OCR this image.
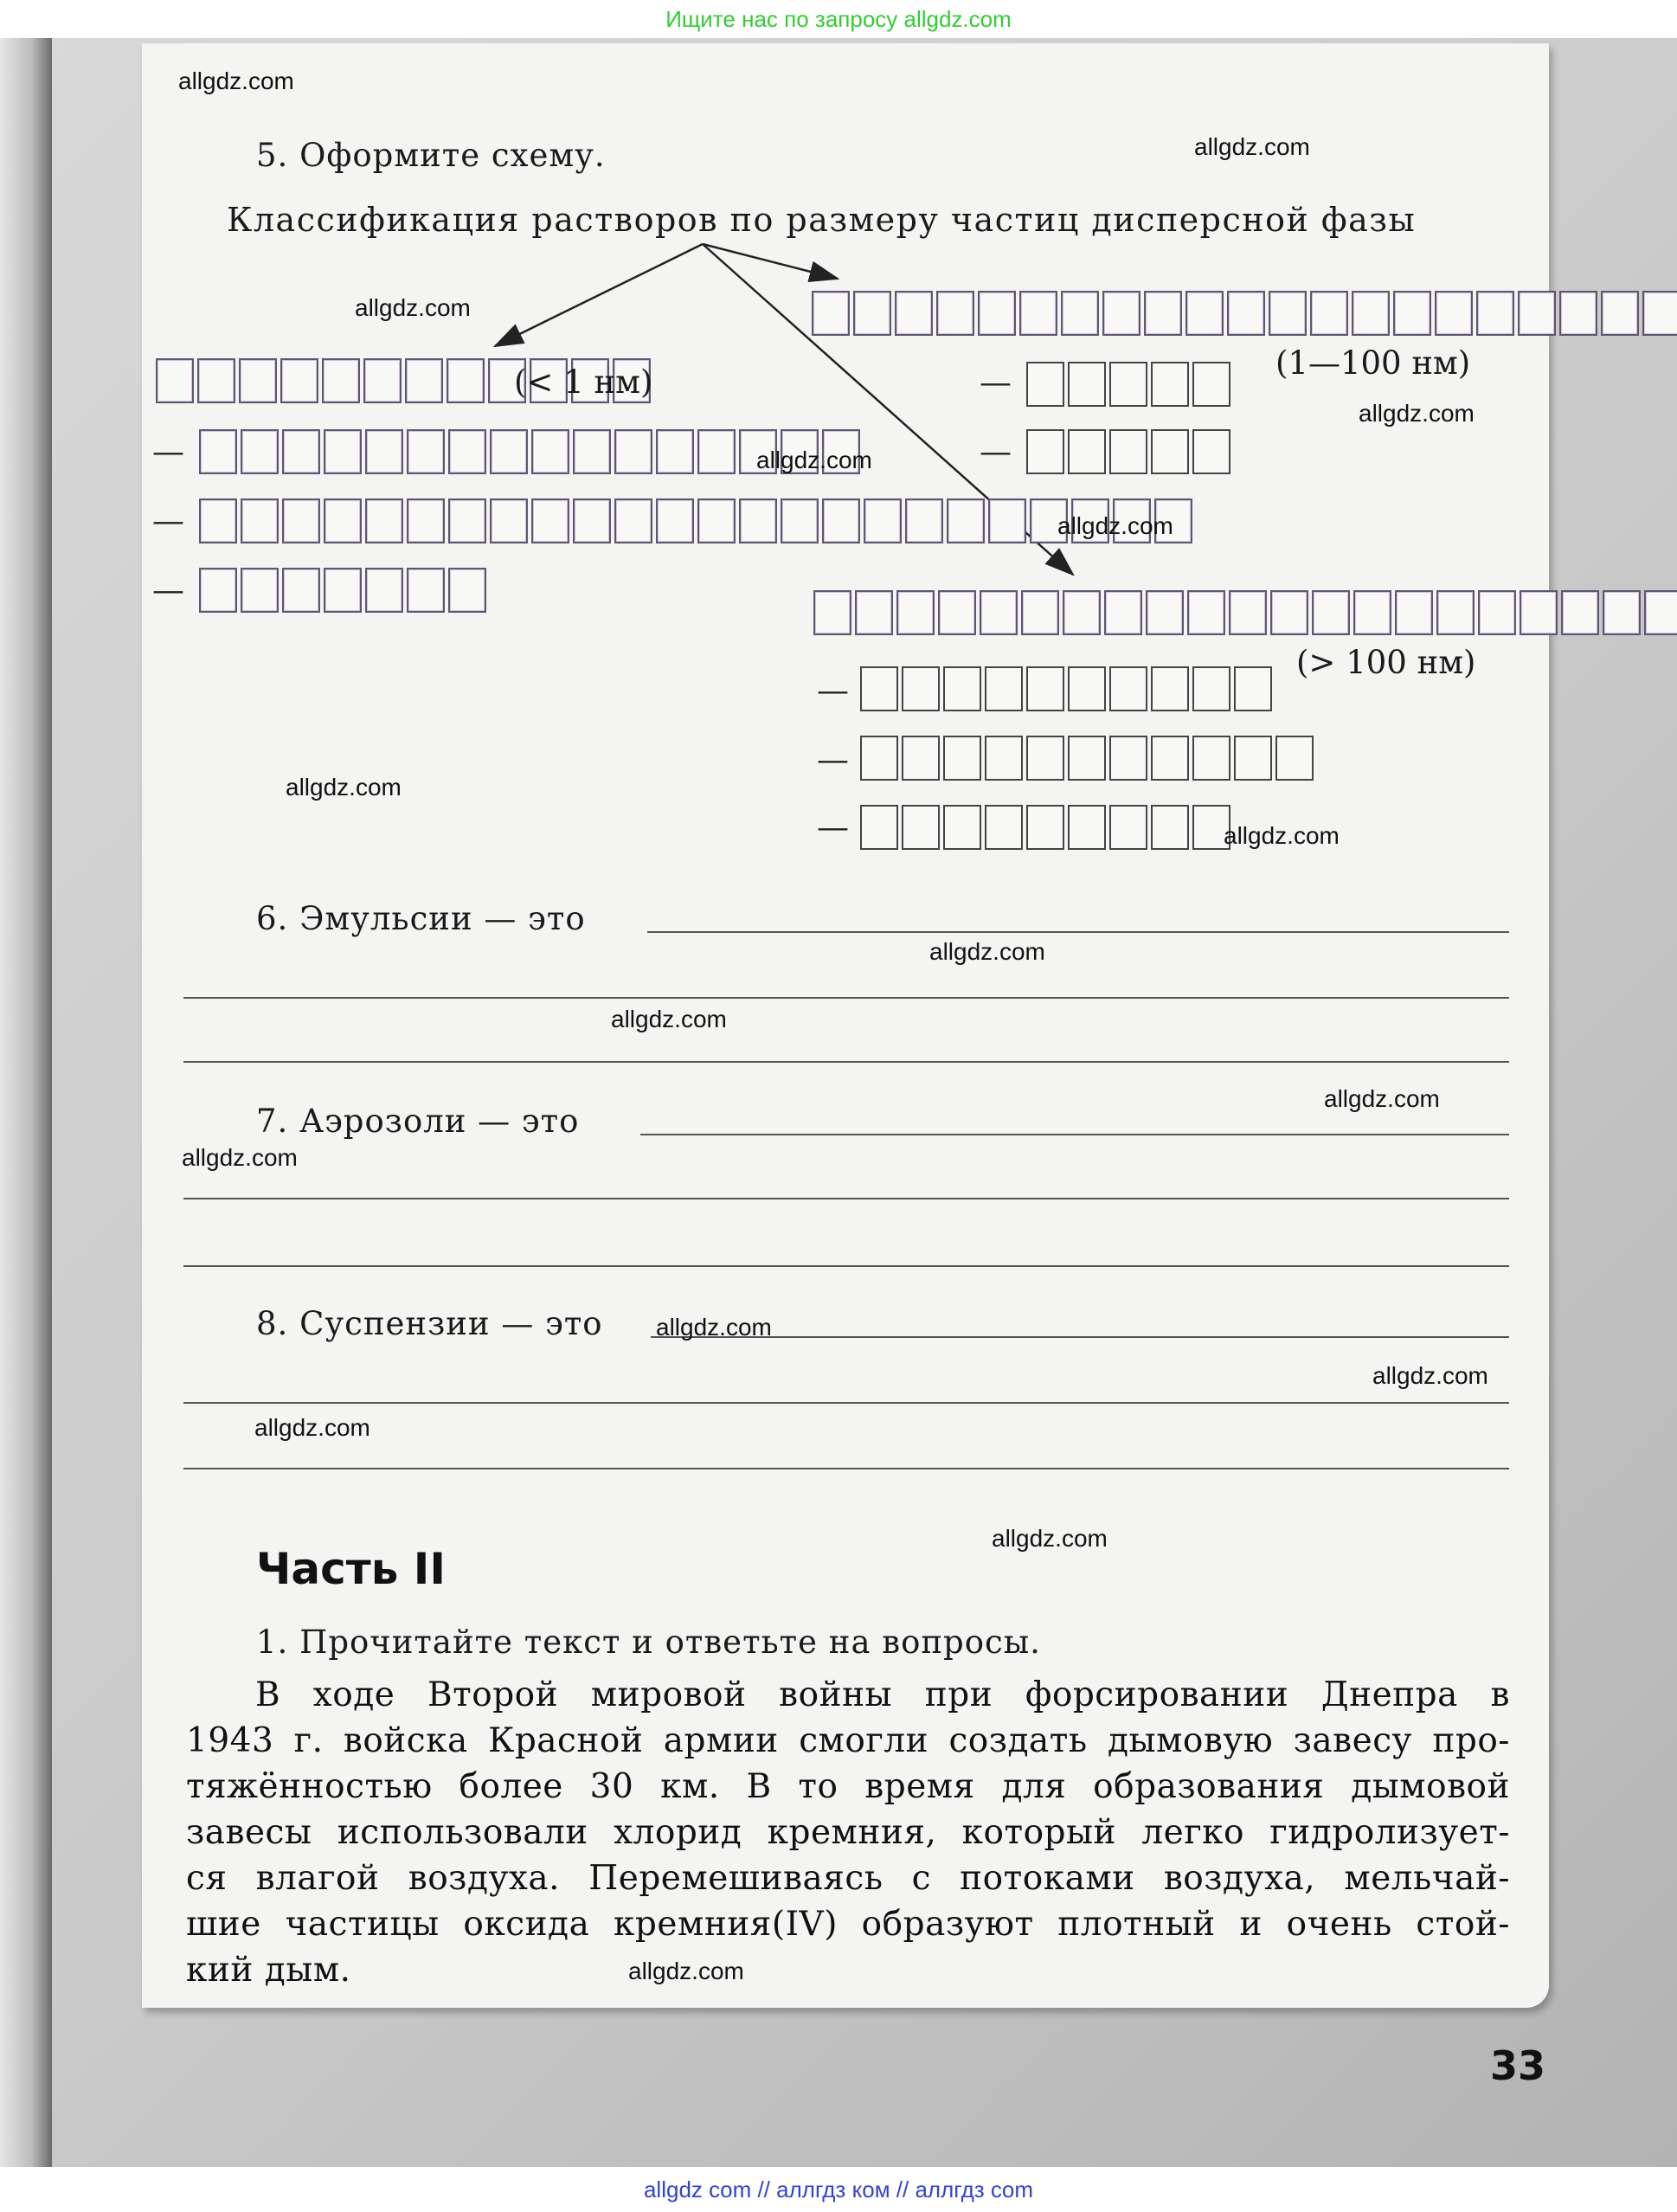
Ищите нас по запросу allgdz.com
5. Оформите схему.
Классификация растворов по размеру частиц дисперсной фазы
(< 1 нм)
—
—
—
(1—100 нм)
—
—
(> 100 нм)
—
—
—
6. Эмульсии — это
7. Аэрозоли — это
8. Суспензии — это
Часть II
1. Прочитайте текст и ответьте на вопросы.
В ходе Второй мировой войны при форсировании Днепра в
1943 г. войска Красной армии смогли создать дымовую завесу про-
тяжённостью более 30 км. В то время для образования дымовой
завесы использовали хлорид кремния, который легко гидролизует-
ся влагой воздуха. Перемешиваясь с потоками воздуха, мельчай-
шие частицы оксида кремния(IV) образуют плотный и очень стой-
кий дым.
33
allgdz.com
allgdz.com
allgdz.com
allgdz.com
allgdz.com
allgdz.com
allgdz.com
allgdz.com
allgdz.com
allgdz.com
allgdz.com
allgdz.com
allgdz.com
allgdz.com
allgdz.com
allgdz.com
allgdz.com
allgdz com // аллгдз ком // аллгдз com
